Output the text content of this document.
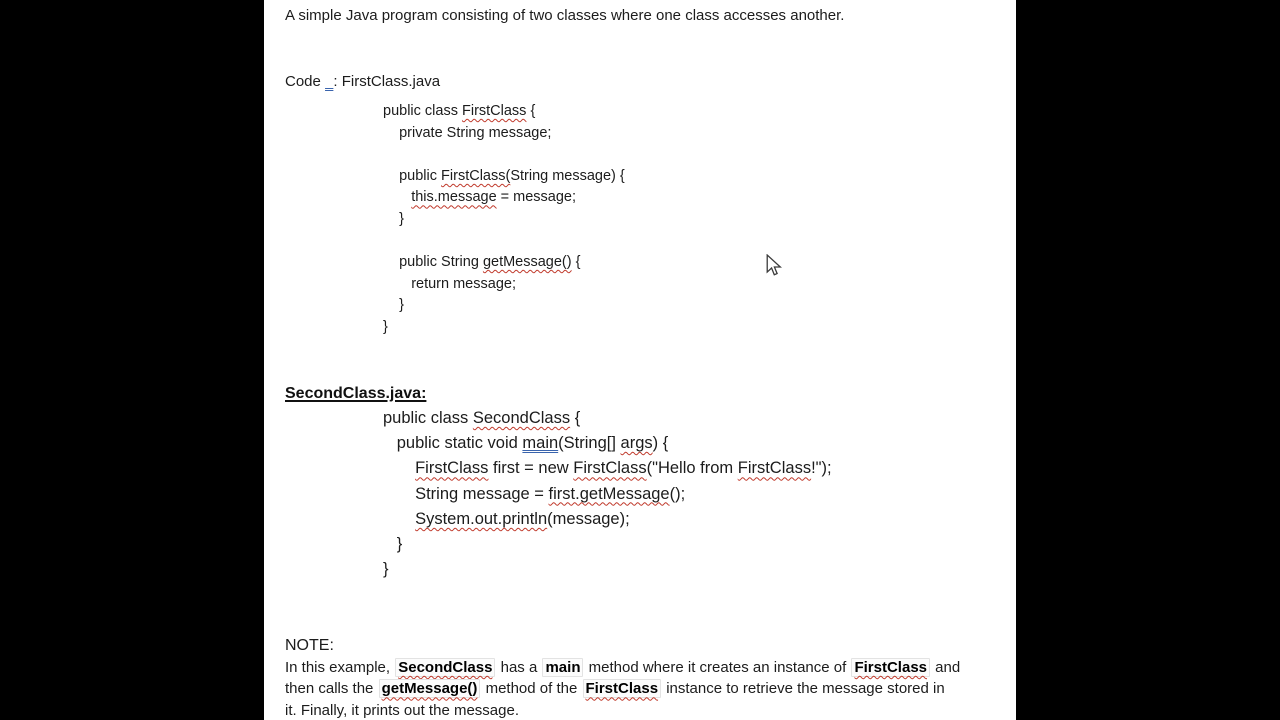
A simple Java program consisting of two classes where one class accesses another.
Code   : FirstClass.java
public class FirstClass {
private String message;
public FirstClass(String message) {
this.message = message;
}
public String getMessage() {
return message;
}
}
SecondClass.java:
public class SecondClass {
public static void main(String[] args) {
FirstClass first = new FirstClass("Hello from FirstClass!");
String message = first.getMessage();
System.out.println(message);
}
}
NOTE:
In this example, SecondClass has a main method where it creates an instance of FirstClass and
then calls the getMessage() method of the FirstClass instance to retrieve the message stored in
it. Finally, it prints out the message.
